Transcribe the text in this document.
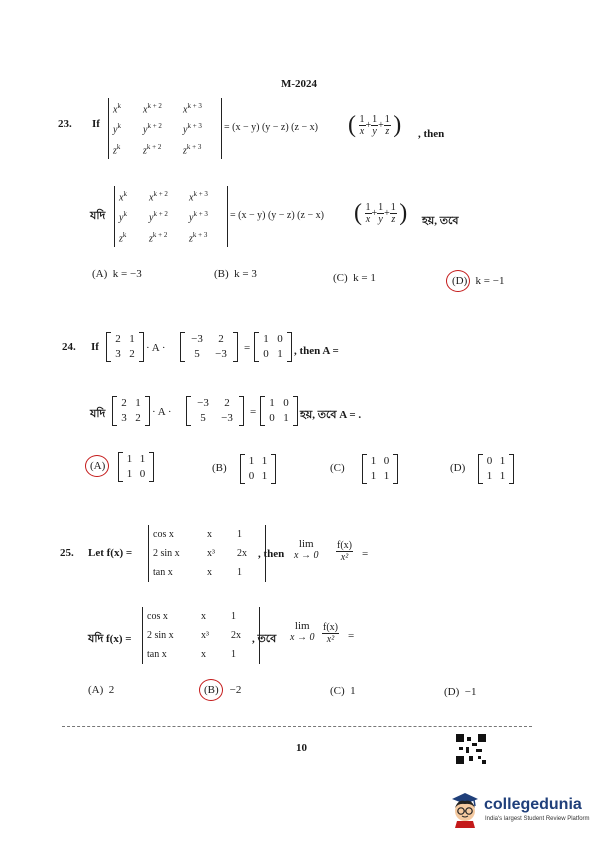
M-2024
23. If
$x^k$	$x^{k + 2}$	$x^{k + 3}$
$y^k$	$y^{k + 2}$	$y^{k + 3}$
$z^k$	$z^{k + 2}$	$z^{k + 3}$
= (x − y) (y − z) (z − x) ( $\frac{1}{x} + \frac{1}{y} + \frac{1}{z}$ ) , then
যদি
$x^k$	$x^{k + 2}$	$x^{k + 3}$
$y^k$	$y^{k + 2}$	$y^{k + 3}$
$z^k$	$z^{k + 2}$	$z^{k + 3}$
= (x − y) (y − z) (z − x) ( $\frac{1}{x} + \frac{1}{y} + \frac{1}{z}$ ) হয়, তবে
(A) k = −3	(B) k = 3	(C) k = 1	(D) k = −1
24. If
2 1
3 2	· A ·
−3	2
5	−3	=
1 0
0 1	, then A =
যদি
2 1
3 2	· A ·
−3	2
5	−3	=
1 0
0 1	হয়, তবে A = .
(A)
1 1
1 0	(B)
1 1
0 1
(C)
1 0
1 1
(D)
0 1
1 1
25. Let f(x) =
cos x	x	1
2 sin x	x³	2x
tan x	x	1
, then
lim
$x \to 0 \frac{f(x)}{\text{x²}}$ =
যদি f(x) =
cos x	x	1
2 sin x	x³	2x
tan x	x	1
, তবে
lim
$x \to 0 \frac{f(x)}{\text{x²}}$ =
(A) 2	(B) −2	(C) 1	(D) −1
10
collegedunia
India's largest Student Review Platform
